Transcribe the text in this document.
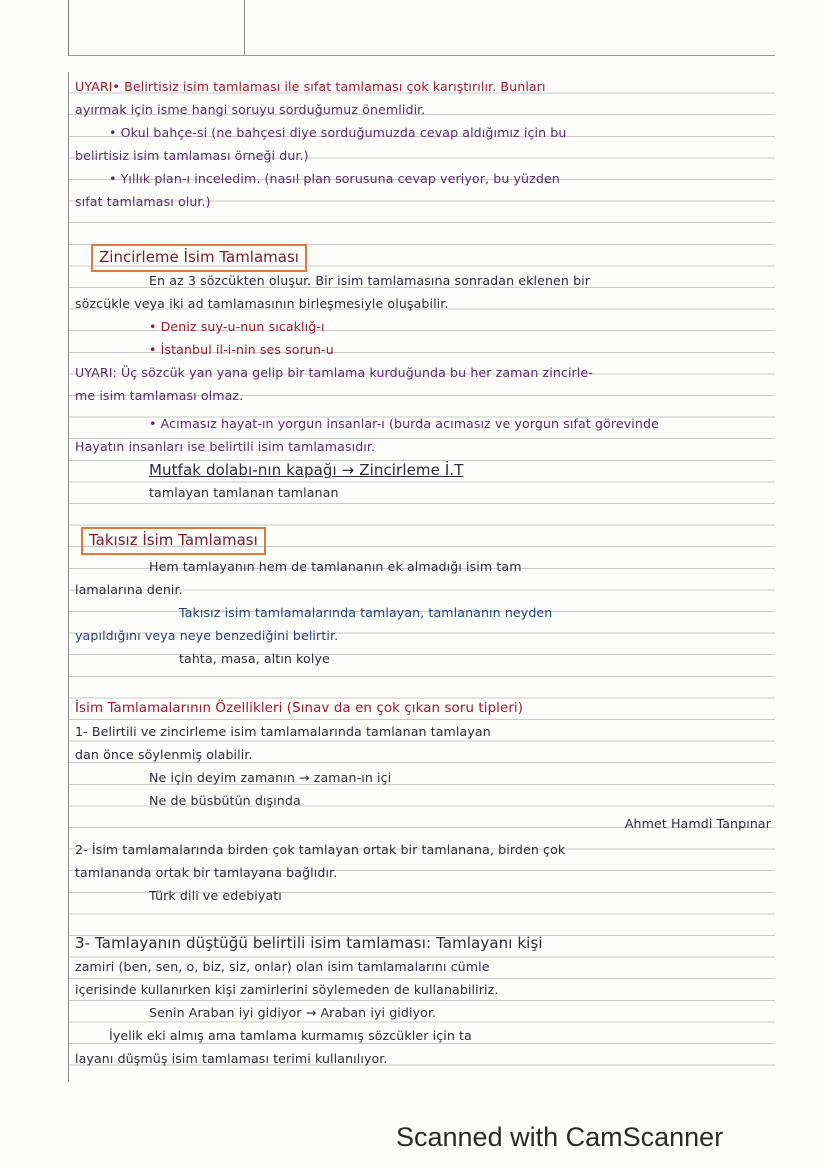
UYARI• Belirtisiz isim tamlaması ile sıfat tamlaması çok karıştırılır. Bunları
ayırmak için isme hangi soruyu sorduğumuz önemlidir.
• Okul bahçe-si (ne bahçesi diye sorduğumuzda cevap aldığımız için bu
belirtisiz isim tamlaması örneği dur.)
• Yıllık plan-ı inceledim. (nasıl plan sorusuna cevap veriyor, bu yüzden
sıfat tamlaması olur.)
Zincirleme İsim Tamlaması
En az 3 sözcükten oluşur. Bir isim tamlamasına sonradan eklenen bir
sözcükle veya iki ad tamlamasının birleşmesiyle oluşabilir.
• Deniz suy-u-nun sıcaklığ-ı
• İstanbul il-i-nin ses sorun-u
UYARI: Üç sözcük yan yana gelip bir tamlama kurduğunda bu her zaman zincirle-
me isim tamlaması olmaz.
• Acımasız hayat-ın yorgun insanlar-ı (burda acımasız ve yorgun sıfat görevinde
Hayatın insanları ise belirtili isim tamlamasıdır.
Mutfak dolabı-nın kapağı → Zincirleme İ.T
tamlayan tamlanan tamlanan
Takısız İsim Tamlaması
Hem tamlayanın hem de tamlananın ek almadığı isim tam
lamalarına denir.
Takısız isim tamlamalarında tamlayan, tamlananın neyden
yapıldığını veya neye benzediğini belirtir.
tahta, masa, altın kolye
İsim Tamlamalarının Özellikleri (Sınav da en çok çıkan soru tipleri)
1- Belirtili ve zincirleme isim tamlamalarında tamlanan tamlayan
dan önce söylenmiş olabilir.
Ne için deyim zamanın → zaman-ın içi
Ne de büsbütün dışında
Ahmet Hamdi Tanpınar
2- İsim tamlamalarında birden çok tamlayan ortak bir tamlanana, birden çok
tamlananda ortak bir tamlayana bağlıdır.
Türk dili ve edebiyatı
3- Tamlayanın düştüğü belirtili isim tamlaması: Tamlayanı kişi
zamiri (ben, sen, o, biz, siz, onlar) olan isim tamlamalarını cümle
içerisinde kullanırken kişi zamirlerini söylemeden de kullanabiliriz.
Senin Araban iyi gidiyor → Araban iyi gidiyor.
İyelik eki almış ama tamlama kurmamış sözcükler için ta
layanı düşmüş isim tamlaması terimi kullanılıyor.
Scanned with CamScanner
